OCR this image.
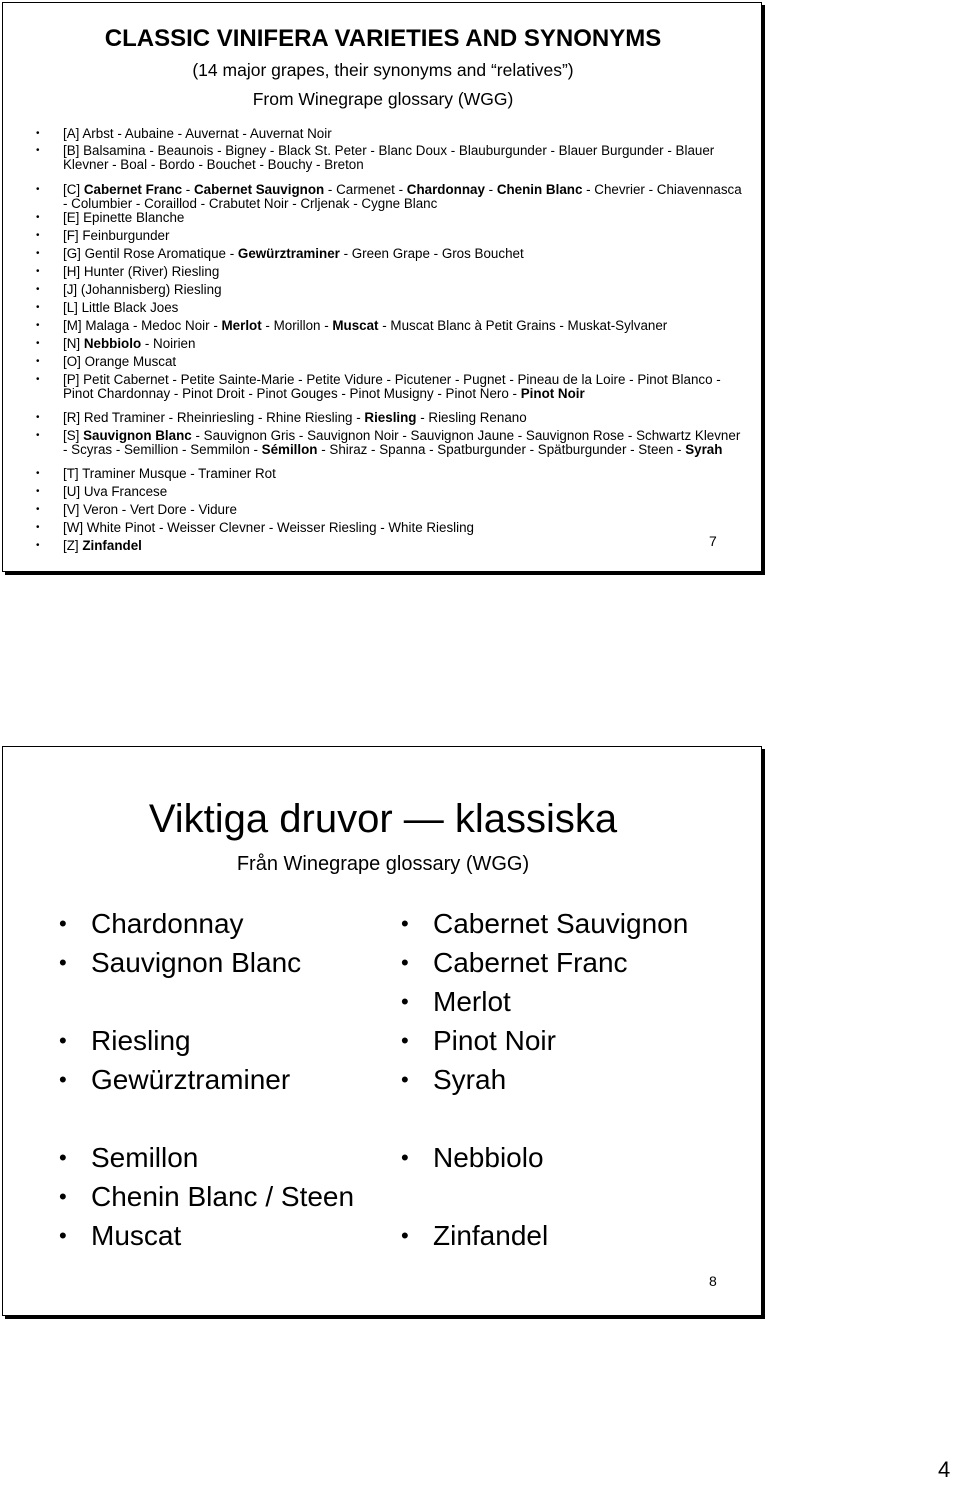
CLASSIC VINIFERA VARIETIES AND SYNONYMS
(14 major grapes, their synonyms and “relatives”)
From Winegrape glossary (WGG)
• [A] Arbst - Aubaine - Auvernat - Auvernat Noir
• [B] Balsamina - Beaunois - Bigney - Black St. Peter - Blanc Doux - Blauburgunder - Blauer Burgunder - Blauer Klevner - Boal - Bordo - Bouchet - Bouchy - Breton
• [C] Cabernet Franc - Cabernet Sauvignon - Carmenet - Chardonnay - Chenin Blanc - Chevrier - Chiavennasca - Columbier - Coraillod - Crabutet Noir - Crljenak - Cygne Blanc
• [E] Epinette Blanche
• [F] Feinburgunder
• [G] Gentil Rose Aromatique - Gewürztraminer - Green Grape - Gros Bouchet
• [H] Hunter (River) Riesling
• [J] (Johannisberg) Riesling
• [L] Little Black Joes
• [M] Malaga - Medoc Noir - Merlot - Morillon - Muscat - Muscat Blanc à Petit Grains - Muskat-Sylvaner
• [N] Nebbiolo - Noirien
• [O] Orange Muscat
• [P] Petit Cabernet - Petite Sainte-Marie - Petite Vidure - Picutener - Pugnet - Pineau de la Loire - Pinot Blanco - Pinot Chardonnay - Pinot Droit - Pinot Gouges - Pinot Musigny - Pinot Nero - Pinot Noir
• [R] Red Traminer - Rheinriesling - Rhine Riesling - Riesling - Riesling Renano
• [S] Sauvignon Blanc - Sauvignon Gris - Sauvignon Noir - Sauvignon Jaune - Sauvignon Rose - Schwartz Klevner - Scyras - Semillion - Semmilon - Sémillon - Shiraz - Spanna - Spatburgunder - Spätburgunder - Steen - Syrah
• [T] Traminer Musque - Traminer Rot
• [U] Uva Francese
• [V] Veron - Vert Dore - Vidure
• [W] White Pinot - Weisser Clevner - Weisser Riesling - White Riesling
• [Z] Zinfandel	7
Viktiga druvor — klassiska
Från Winegrape glossary (WGG)
• Chardonnay
• Sauvignon Blanc
• Riesling
• Gewürztraminer
• Semillon
• Chenin Blanc / Steen
• Muscat
• Cabernet Sauvignon
• Cabernet Franc
• Merlot
• Pinot Noir
• Syrah
• Nebbiolo
• Zinfandel
8
4
